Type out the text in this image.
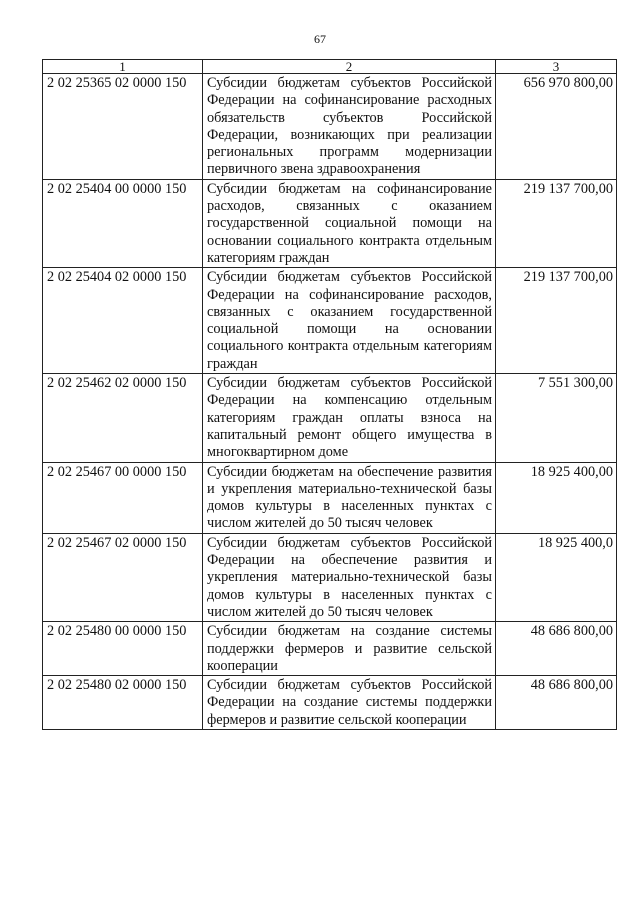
67
1	2	3
2 02 25365 02 0000 150	Субсидии бюджетам субъектов Российской Федерации на софинансирование расходных обязательств субъектов Российской Федерации, возникающих при реализации региональных программ модернизации первичного звена здравоохранения	656 970 800,00
2 02 25404 00 0000 150	Субсидии бюджетам на софинансирование расходов, связанных с оказанием государственной социальной помощи на основании социального контракта отдельным категориям граждан	219 137 700,00
2 02 25404 02 0000 150	Субсидии бюджетам субъектов Российской Федерации на софинансирование расходов, связанных с оказанием государственной социальной помощи на основании социального контракта отдельным категориям граждан	219 137 700,00
2 02 25462 02 0000 150	Субсидии бюджетам субъектов Российской Федерации на компенсацию отдельным категориям граждан оплаты взноса на капитальный ремонт общего имущества в многоквартирном доме	7 551 300,00
2 02 25467 00 0000 150	Субсидии бюджетам на обеспечение развития и укрепления материально-технической базы домов культуры в населенных пунктах с числом жителей до 50 тысяч человек	18 925 400,00
2 02 25467 02 0000 150	Субсидии бюджетам субъектов Российской Федерации на обеспечение развития и укрепления материально-технической базы домов культуры в населенных пунктах с числом жителей до 50 тысяч человек	18 925 400,0
2 02 25480 00 0000 150	Субсидии бюджетам на создание системы поддержки фермеров и развитие сельской кооперации	48 686 800,00
2 02 25480 02 0000 150	Субсидии бюджетам субъектов Российской Федерации на создание системы поддержки фермеров и развитие сельской кооперации	48 686 800,00
